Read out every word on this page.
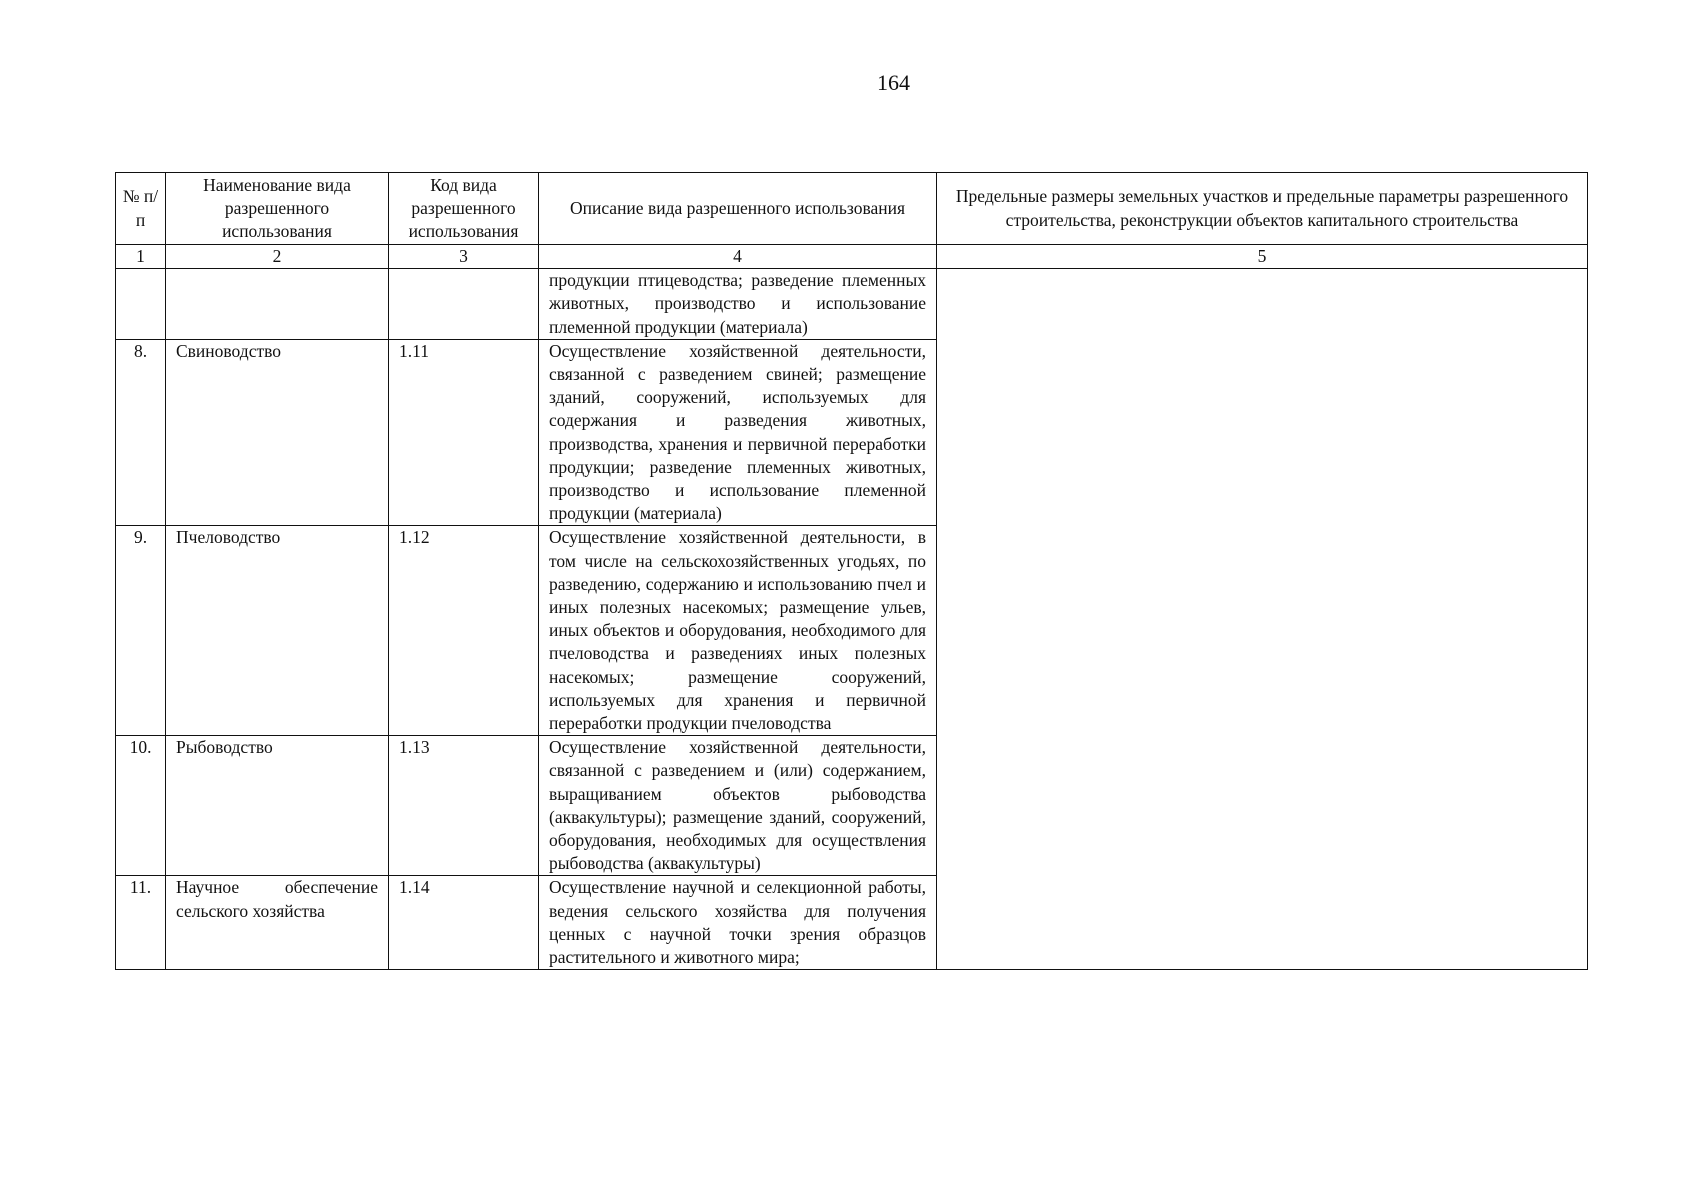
164
№ п/п	Наименование вида разрешенного использования	Код вида разрешенного использования	Описание вида разрешенного использования	Предельные размеры земельных участков и предельные параметры разрешенного строительства, реконструкции объектов капитального строительства
1	2	3	4	5
			продукции птицеводства; разведение племенных животных, производство и использование племенной продукции (материала)	
8.	Свиноводство	1.11	Осуществление хозяйственной деятельности, связанной с разведением свиней; размещение зданий, сооружений, используемых для содержания и разведения животных, производства, хранения и первичной переработки продукции; разведение племенных животных, производство и использование племенной продукции (материала)	
9.	Пчеловодство	1.12	Осуществление хозяйственной деятельности, в том числе на сельскохозяйственных угодьях, по разведению, содержанию и использованию пчел и иных полезных насекомых; размещение ульев, иных объектов и оборудования, необходимого для пчеловодства и разведениях иных полезных насекомых; размещение сооружений, используемых для хранения и первичной переработки продукции пчеловодства	
10.	Рыбоводство	1.13	Осуществление хозяйственной деятельности, связанной с разведением и (или) содержанием, выращиванием объектов рыбоводства (аквакультуры); размещение зданий, сооружений, оборудования, необходимых для осуществления рыбоводства (аквакультуры)	
11.	Научное обеспечение сельского хозяйства	1.14	Осуществление научной и селекционной работы, ведения сельского хозяйства для получения ценных с научной точки зрения образцов растительного и животного мира;	
